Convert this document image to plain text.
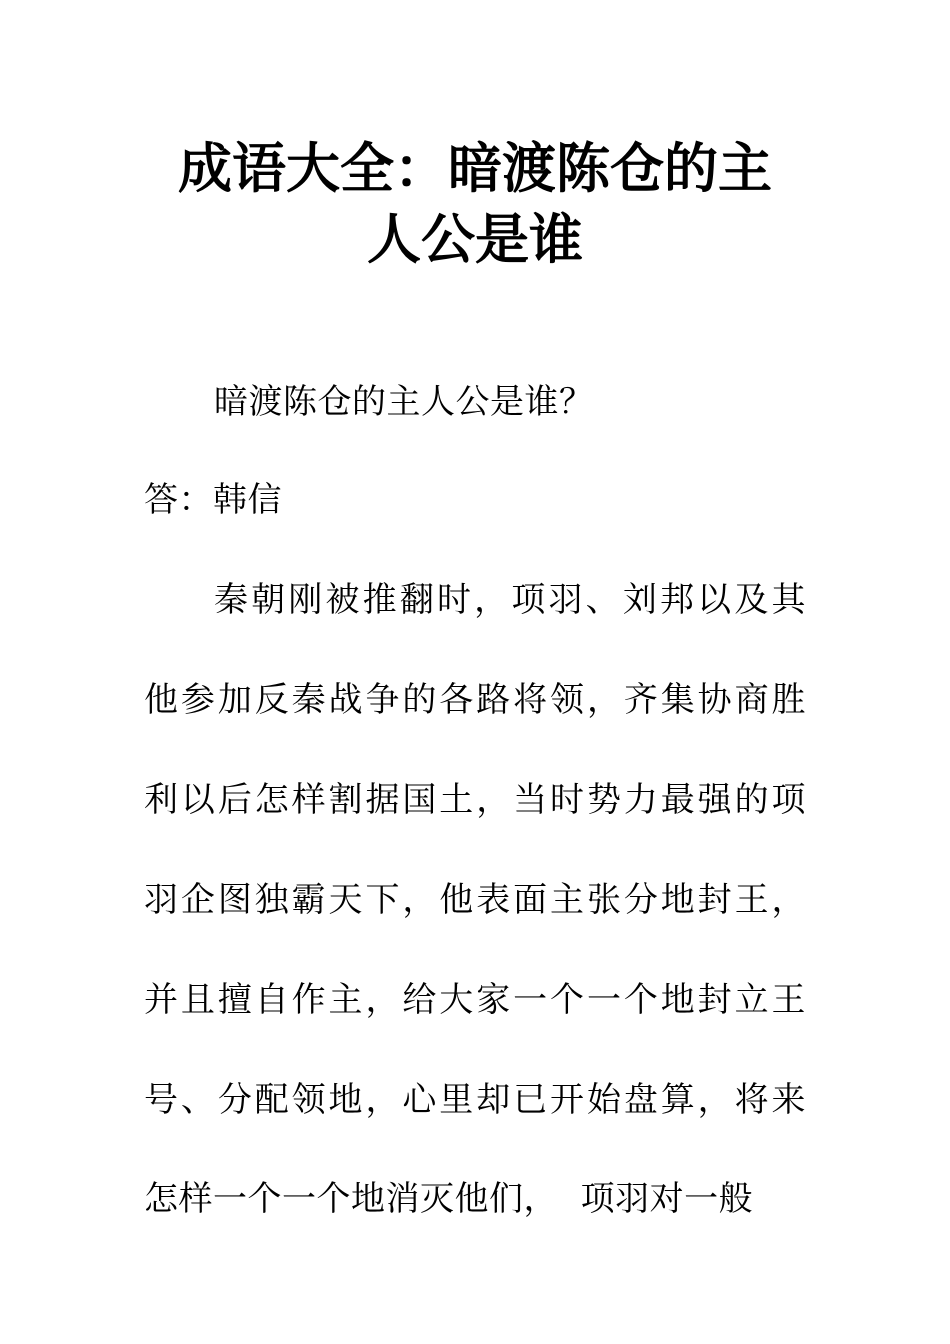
成语大全：暗渡陈仓的主
人公是谁
暗渡陈仓的主人公是谁？
答：韩信
秦朝刚被推翻时，项羽、刘邦以及其
他参加反秦战争的各路将领，齐集协商胜
利以后怎样割据国土，当时势力最强的项
羽企图独霸天下，他表面主张分地封王，
并且擅自作主，给大家一个一个地封立王
号、分配领地，心里却已开始盘算，将来
怎样一个一个地消灭他们，  项羽对一般
